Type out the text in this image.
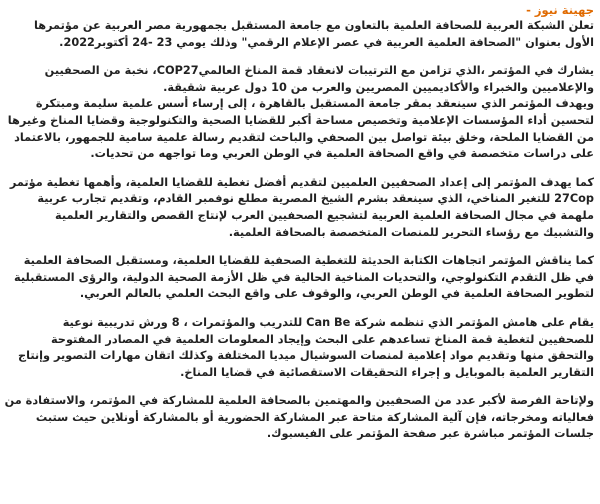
جهينة نيوز -

تعلن الشبكة العربية للصحافة العلمية بالتعاون مع جامعة المستقبل بجمهورية مصر العربية عن مؤتمرها الأول بعنوان "الصحافة العلمية العربية في عصر الإعلام الرقمي" وذلك يومي 23 -24 أكتوبر2022.

يشارك في المؤتمر ،الذي تزامن مع الترتيبات لانعقاد قمة المناخ العالميCOP27، نخبة من الصحفيين والإعلاميين والخبراء والأكاديميين المصريين والعرب من 10 دول عربية شقيقة.

ويهدف المؤتمر الذي سينعقد بمقر جامعة المستقبل بالقاهرة ، إلى إرساء أسس علمية سليمة ومبتكرة لتحسين أداء المؤسسات الإعلامية وتخصيص مساحة أكبر للقضايا الصحية والتكنولوجية وقضايا المناخ وغيرها من القضايا الملحة، وخلق بيئة تواصل بين الصحفي والباحث لتقديم رسالة علمية سامية للجمهور، بالاعتماد على دراسات متخصصة في واقع الصحافة العلمية في الوطن العربي وما تواجهه من تحديات.

كما يهدف المؤتمر إلى إعداد الصحفيين العلميين لتقديم أفضل تغطية للقضايا العلمية، وأهمها تغطية مؤتمر 27Cop للتغير المناخي، الذي سينعقد بشرم الشيخ المصرية مطلع نوفمبر القادم، وتقديم تجارب عربية ملهمة في مجال الصحافة العلمية العربية لتشجيع الصحفيين العرب لإنتاج القصص والتقارير العلمية والتشبيك مع رؤساء التحرير للمنصات المتخصصة بالصحافة العلمية.

كما يناقش المؤتمر اتجاهات الكتابة الحديثة للتغطية الصحفية للقضايا العلمية، ومستقبل الصحافة العلمية في ظل التقدم التكنولوجي، والتحديات المناخية الحالية في ظل الأزمة الصحية الدولية، والرؤى المستقبلية لتطوير الصحافة العلمية في الوطن العربي، والوقوف على واقع البحث العلمي بالعالم العربي.

يقام على هامش المؤتمر الذي تنظمه شركة Can Be للتدريب والمؤتمرات ، 8 ورش تدريبية نوعية للصحفيين لتغطية قمة المناخ تساعدهم على البحث وإيجاد المعلومات العلمية في المصادر المفتوحة والتحقق منها وتقديم مواد إعلامية لمنصات السوشيال ميديا المختلفة وكذلك اتقان مهارات التصوير وإنتاج التقارير العلمية بالموبايل و إجراء التحقيقات الاستقصائية في قضايا المناخ.

ولإتاحة الفرصة لأكبر عدد من الصحفيين والمهتمين بالصحافة العلمية للمشاركة في المؤتمر، والاستفادة من فعالياته ومخرجاته، فإن آلية المشاركة متاحة عبر المشاركة الحضورية أو بالمشاركة أونلاين حيث ستبث جلسات المؤتمر مباشرة عبر صفحة المؤتمر على الفيسبوك.
